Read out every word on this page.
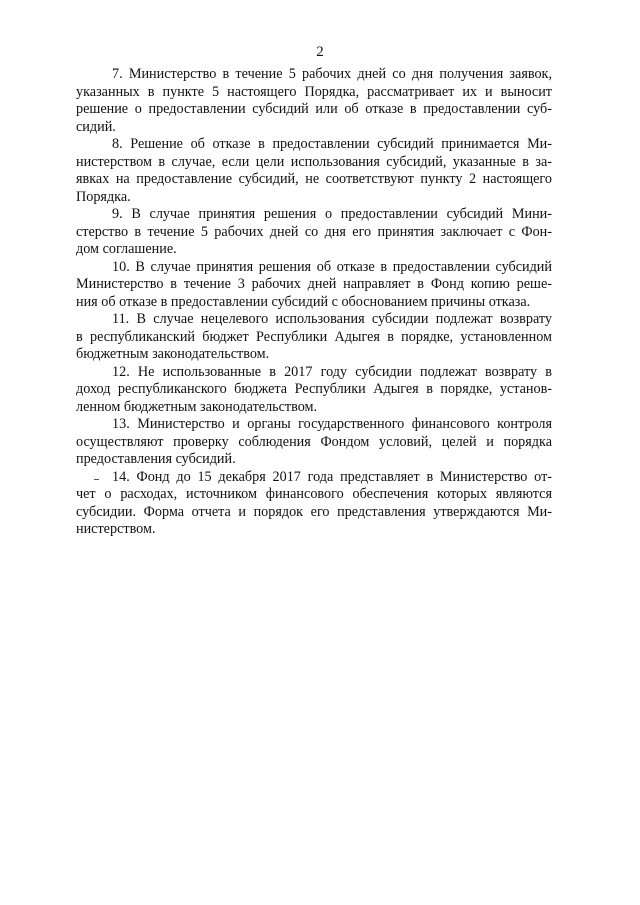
2

7. Министерство в течение 5 рабочих дней со дня получения заявок,
указанных в пункте 5 настоящего Порядка, рассматривает их и выносит
решение о предоставлении субсидий или об отказе в предоставлении суб-
сидий.

8. Решение об отказе в предоставлении субсидий принимается Ми-
нистерством в случае, если цели использования субсидий, указанные в за-
явках на предоставление субсидий, не соответствуют пункту 2 настоящего
Порядка.

9. В случае принятия решения о предоставлении субсидий Мини-
стерство в течение 5 рабочих дней со дня его принятия заключает с Фон-
дом соглашение.

10. В случае принятия решения об отказе в предоставлении субсидий
Министерство в течение 3 рабочих дней направляет в Фонд копию реше-
ния об отказе в предоставлении субсидий с обоснованием причины отказа.

11. В случае нецелевого использования субсидии подлежат возврату
в республиканский бюджет Республики Адыгея в порядке, установленном
бюджетным законодательством.

12. Не использованные в 2017 году субсидии подлежат возврату в
доход республиканского бюджета Республики Адыгея в порядке, установ-
ленном бюджетным законодательством.

13. Министерство и органы государственного финансового контроля
осуществляют проверку соблюдения Фондом условий, целей и порядка
предоставления субсидий.

14. Фонд до 15 декабря 2017 года представляет в Министерство от-
чет о расходах, источником финансового обеспечения которых являются
субсидии. Форма отчета и порядок его представления утверждаются Ми-
нистерством.
